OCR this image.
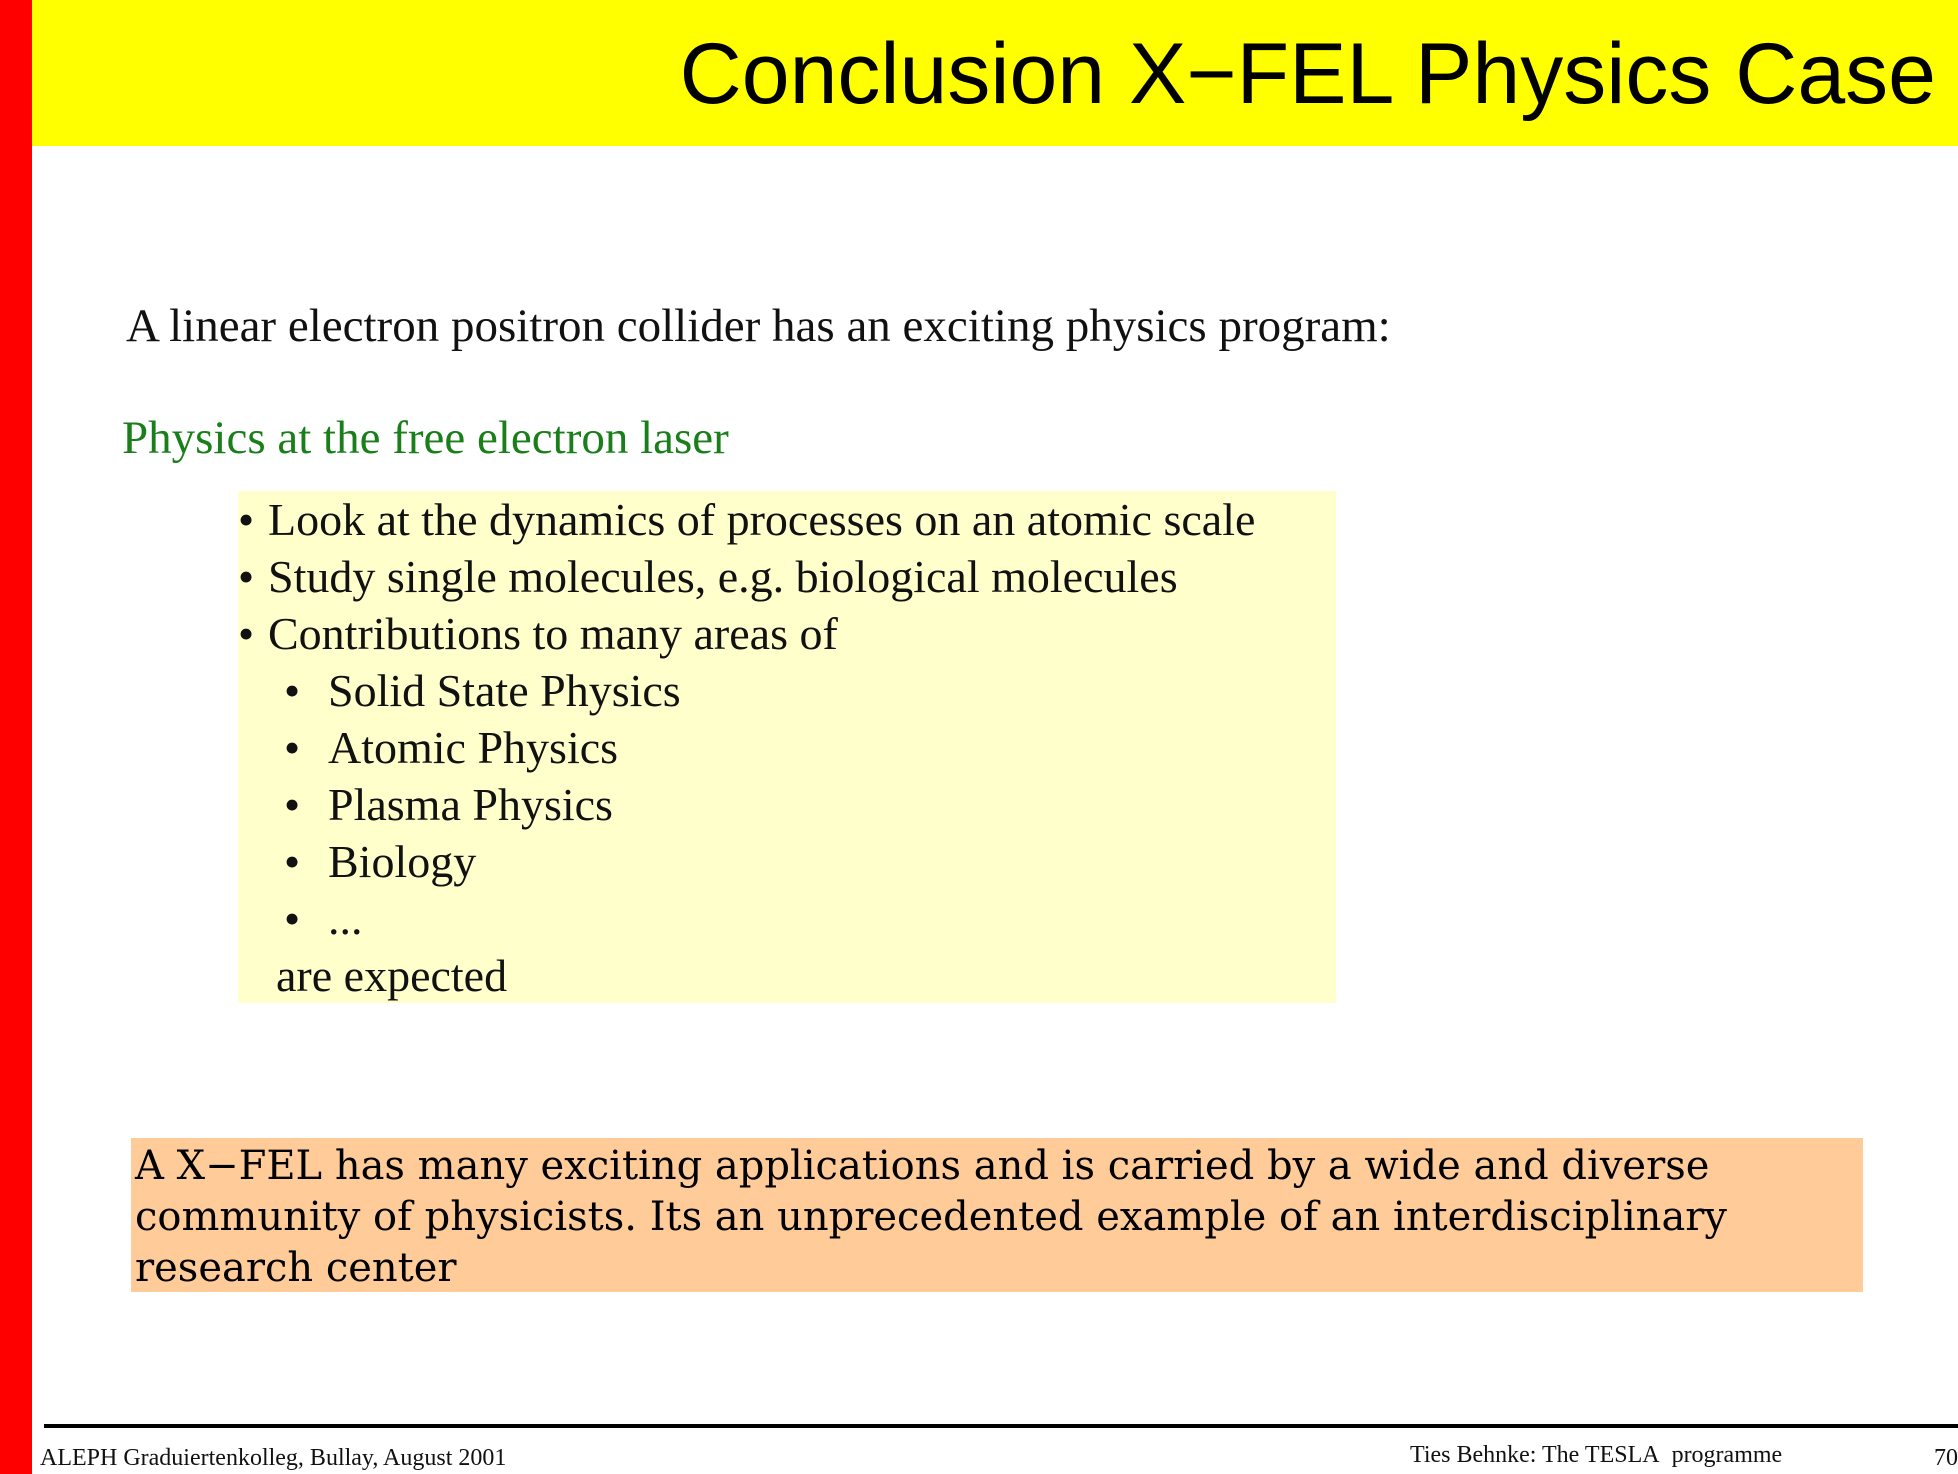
Conclusion X−FEL Physics Case

A linear electron positron collider has an exciting physics program:

Physics at the free electron laser

• Look at the dynamics of processes on an atomic scale
• Study single molecules, e.g. biological molecules
• Contributions to many areas of
• Solid State Physics
• Atomic Physics
• Plasma Physics
• Biology
• ...

are expected

A X−FEL has many exciting applications and is carried by a wide and diverse community of physicists. Its an unprecedented example of an interdisciplinary research center

ALEPH Graduiertenkolleg, Bullay, August 2001	Ties Behnke: The TESLA  programme	70
